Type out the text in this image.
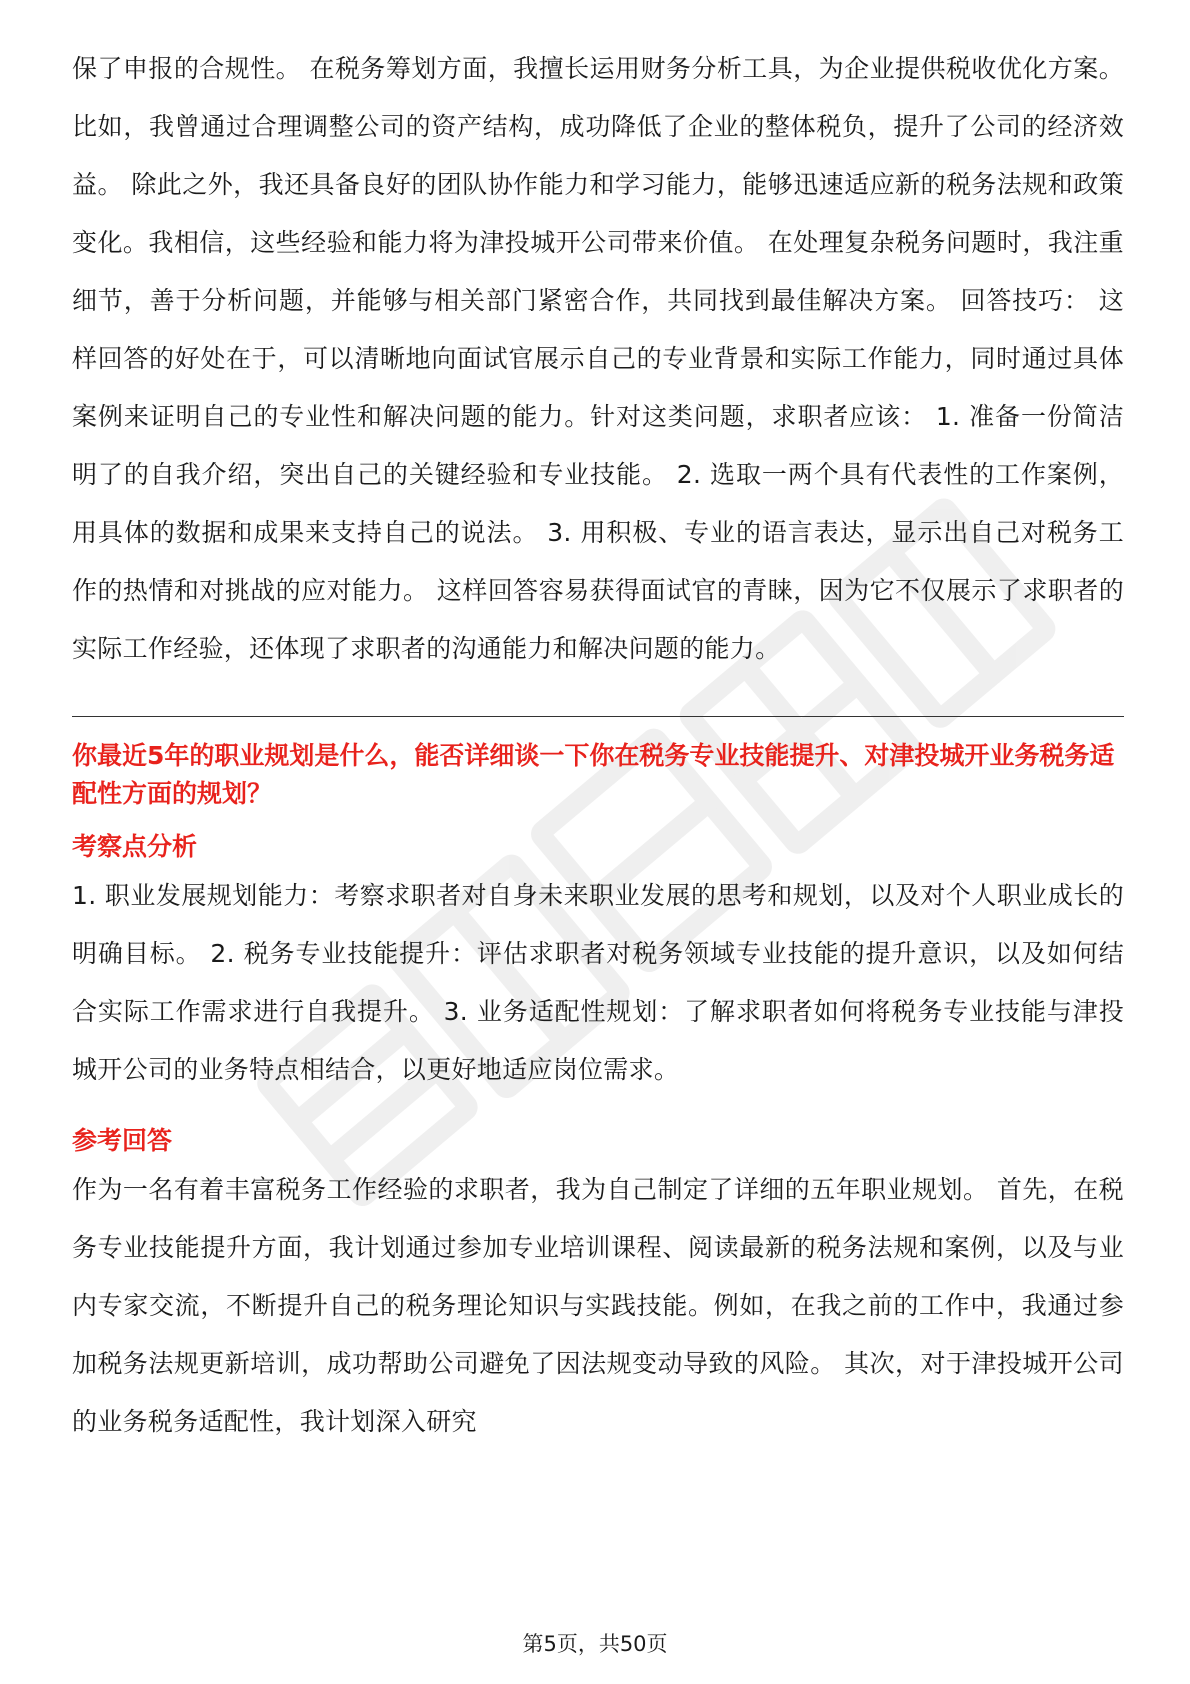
保了申报的合规性。 在税务筹划方面，我擅长运用财务分析工具，为企业提供税收优化方案。比如，我曾通过合理调整公司的资产结构，成功降低了企业的整体税负，提升了公司的经济效益。 除此之外，我还具备良好的团队协作能力和学习能力，能够迅速适应新的税务法规和政策变化。我相信，这些经验和能力将为津投城开公司带来价值。 在处理复杂税务问题时，我注重细节，善于分析问题，并能够与相关部门紧密合作，共同找到最佳解决方案。 回答技巧： 这样回答的好处在于，可以清晰地向面试官展示自己的专业背景和实际工作能力，同时通过具体案例来证明自己的专业性和解决问题的能力。针对这类问题，求职者应该： 1. 准备一份简洁明了的自我介绍，突出自己的关键经验和专业技能。 2. 选取一两个具有代表性的工作案例，用具体的数据和成果来支持自己的说法。 3. 用积极、专业的语言表达，显示出自己对税务工作的热情和对挑战的应对能力。 这样回答容易获得面试官的青睐，因为它不仅展示了求职者的实际工作经验，还体现了求职者的沟通能力和解决问题的能力。

你最近5年的职业规划是什么，能否详细谈一下你在税务专业技能提升、对津投城开业务税务适配性方面的规划？

考察点分析

1. 职业发展规划能力：考察求职者对自身未来职业发展的思考和规划，以及对个人职业成长的明确目标。 2. 税务专业技能提升：评估求职者对税务领域专业技能的提升意识，以及如何结合实际工作需求进行自我提升。 3. 业务适配性规划：了解求职者如何将税务专业技能与津投城开公司的业务特点相结合，以更好地适应岗位需求。

参考回答

作为一名有着丰富税务工作经验的求职者，我为自己制定了详细的五年职业规划。 首先，在税务专业技能提升方面，我计划通过参加专业培训课程、阅读最新的税务法规和案例，以及与业内专家交流，不断提升自己的税务理论知识与实践技能。例如，在我之前的工作中，我通过参加税务法规更新培训，成功帮助公司避免了因法规变动导致的风险。 其次，对于津投城开公司的业务税务适配性，我计划深入研究

第5页，共50页
